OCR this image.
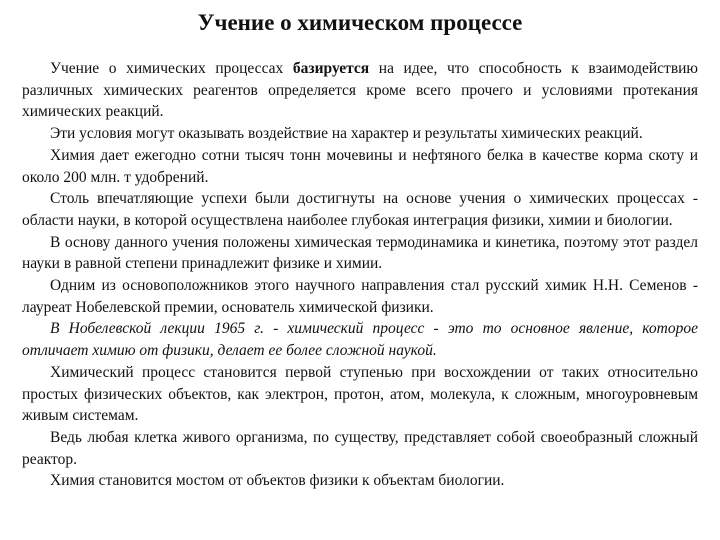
Учение о химическом процессе

Учение о химических процессах базируется на идее, что способность к взаимодействию различных химических реагентов определяется кроме всего прочего и условиями протекания химических реакций.

Эти условия могут оказывать воздействие на характер и результаты химических реакций.

Химия дает ежегодно сотни тысяч тонн мочевины и нефтяного белка в качестве корма скоту и около 200 млн. т удобрений.

Столь впечатляющие успехи были достигнуты на основе учения о химических процессах - области науки, в которой осуществлена наиболее глубокая интеграция физики, химии и биологии.

В основу данного учения положены химическая термодинамика и кинетика, поэтому этот раздел науки в равной степени принадлежит физике и химии.

Одним из основоположников этого научного направления стал русский химик Н.Н. Семенов - лауреат Нобелевской премии, основатель химической физики.

В Нобелевской лекции 1965 г. - химический процесс - это то основное явление, которое отличает химию от физики, делает ее более сложной наукой.

Химический процесс становится первой ступенью при восхождении от таких относительно простых физических объектов, как электрон, протон, атом, молекула, к сложным, многоуровневым живым системам.

Ведь любая клетка живого организма, по существу, представляет собой своеобразный сложный реактор.

Химия становится мостом от объектов физики к объектам биологии.
